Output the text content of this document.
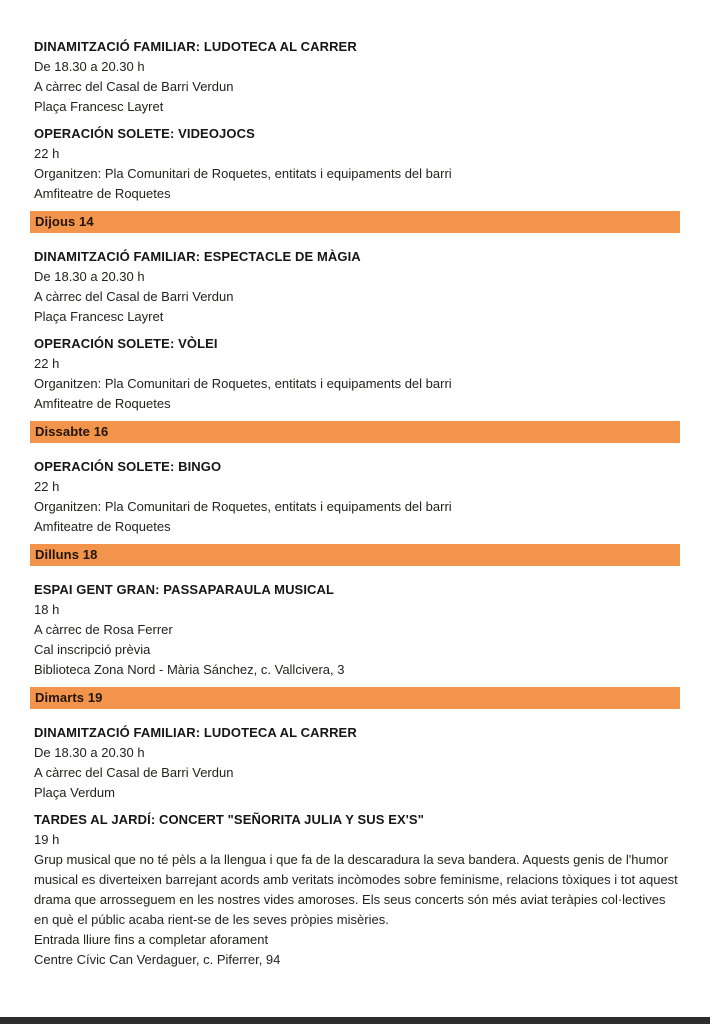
DINAMITZACIÓ FAMILIAR: LUDOTECA AL CARRER
De 18.30 a 20.30 h
A càrrec del Casal de Barri Verdun
Plaça Francesc Layret
OPERACIÓN SOLETE: VIDEOJOCS
22 h
Organitzen: Pla Comunitari de Roquetes, entitats i equipaments del barri
Amfiteatre de Roquetes
Dijous 14
DINAMITZACIÓ FAMILIAR: ESPECTACLE DE MÀGIA
De 18.30 a 20.30 h
A càrrec del Casal de Barri Verdun
Plaça Francesc Layret
OPERACIÓN SOLETE: VÒLEI
22 h
Organitzen: Pla Comunitari de Roquetes, entitats i equipaments del barri
Amfiteatre de Roquetes
Dissabte 16
OPERACIÓN SOLETE: BINGO
22 h
Organitzen: Pla Comunitari de Roquetes, entitats i equipaments del barri
Amfiteatre de Roquetes
Dilluns 18
ESPAI GENT GRAN: PASSAPARAULA MUSICAL
18 h
A càrrec de Rosa Ferrer
Cal inscripció prèvia
Biblioteca Zona Nord - Mària Sánchez, c. Vallcivera, 3
Dimarts 19
DINAMITZACIÓ FAMILIAR: LUDOTECA AL CARRER
De 18.30 a 20.30 h
A càrrec del Casal de Barri Verdun
Plaça Verdum
TARDES AL JARDÍ: CONCERT "SEÑORITA JULIA Y SUS EX'S"
19 h
Grup musical que no té pèls a la llengua i que fa de la descaradura la seva bandera. Aquests genis de l'humor musical es diverteixen barrejant acords amb veritats incòmodes sobre feminisme, relacions tòxiques i tot aquest drama que arrosseguem en les nostres vides amoroses. Els seus concerts són més aviat teràpies col·lectives en què el públic acaba rient-se de les seves pròpies misèries.
Entrada lliure fins a completar aforament
Centre Cívic Can Verdaguer, c. Piferrer, 94
